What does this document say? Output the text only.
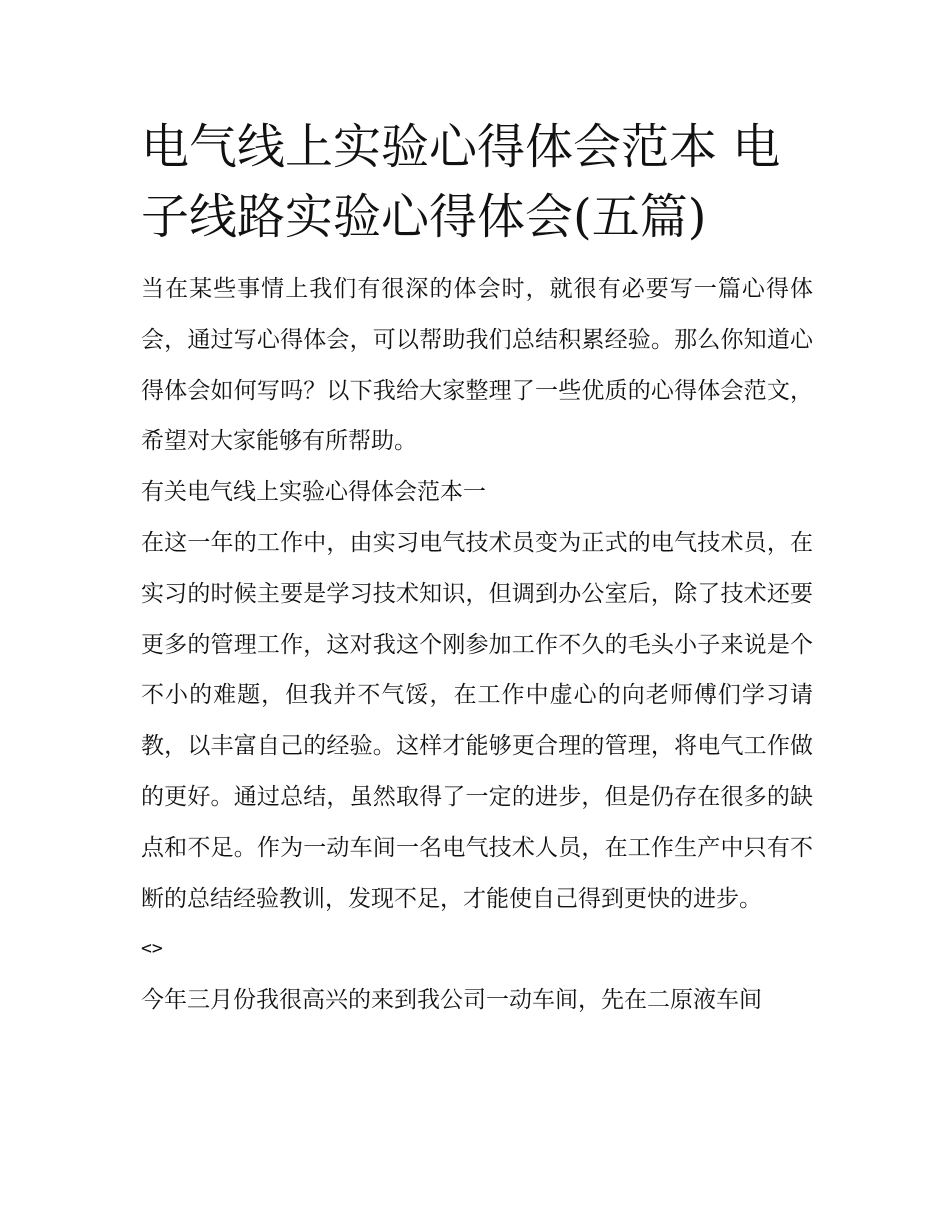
电气线上实验心得体会范本 电子线路实验心得体会(五篇)

当在某些事情上我们有很深的体会时，就很有必要写一篇心得体会，通过写心得体会，可以帮助我们总结积累经验。那么你知道心得体会如何写吗？以下我给大家整理了一些优质的心得体会范文，希望对大家能够有所帮助。

有关电气线上实验心得体会范本一

在这一年的工作中，由实习电气技术员变为正式的电气技术员，在实习的时候主要是学习技术知识，但调到办公室后，除了技术还要更多的管理工作，这对我这个刚参加工作不久的毛头小子来说是个不小的难题，但我并不气馁，在工作中虚心的向老师傅们学习请教，以丰富自己的经验。这样才能够更合理的管理，将电气工作做的更好。通过总结，虽然取得了一定的进步，但是仍存在很多的缺点和不足。作为一动车间一名电气技术人员，在工作生产中只有不断的总结经验教训，发现不足，才能使自己得到更快的进步。

<>

今年三月份我很高兴的来到我公司一动车间，先在二原液车间
